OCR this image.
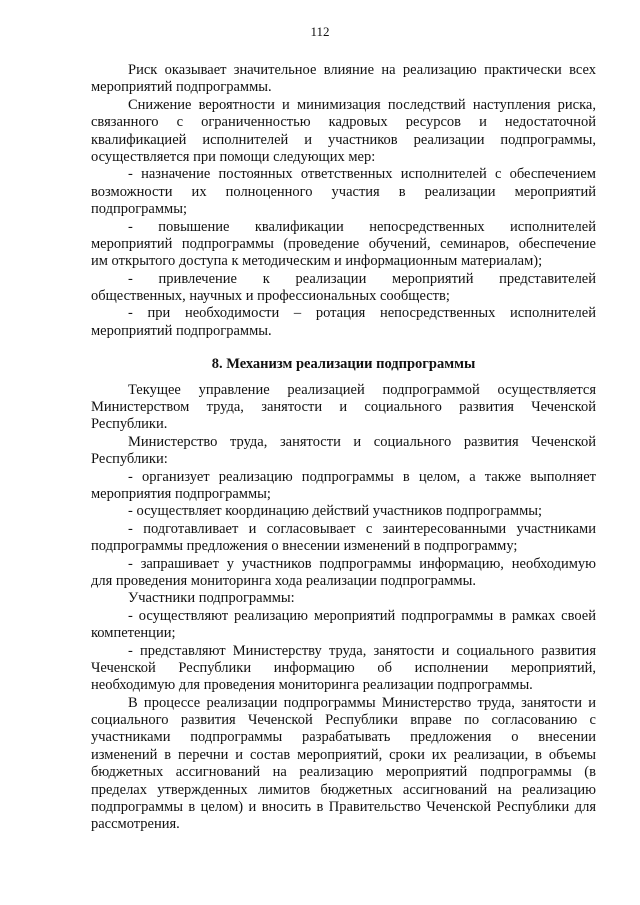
112
Риск оказывает значительное влияние на реализацию практически всех
мероприятий подпрограммы.
Снижение вероятности и минимизация последствий наступления риска,
связанного с ограниченностью кадровых ресурсов и недостаточной
квалификацией исполнителей и участников реализации подпрограммы,
осуществляется при помощи следующих мер:
- назначение постоянных ответственных исполнителей с обеспечением
возможности их полноценного участия в реализации мероприятий
подпрограммы;
- повышение квалификации непосредственных исполнителей
мероприятий подпрограммы (проведение обучений, семинаров, обеспечение
им открытого доступа к методическим и информационным материалам);
- привлечение к реализации мероприятий представителей
общественных, научных и профессиональных сообществ;
- при необходимости – ротация непосредственных исполнителей
мероприятий подпрограммы.
8. Механизм реализации подпрограммы
Текущее управление реализацией подпрограммой осуществляется
Министерством труда, занятости и социального развития Чеченской
Республики.
Министерство труда, занятости и социального развития Чеченской
Республики:
- организует реализацию подпрограммы в целом, а также выполняет
мероприятия подпрограммы;
- осуществляет координацию действий участников подпрограммы;
- подготавливает и согласовывает с заинтересованными участниками
подпрограммы предложения о внесении изменений в подпрограмму;
- запрашивает у участников подпрограммы информацию, необходимую
для проведения мониторинга хода реализации подпрограммы.
Участники подпрограммы:
- осуществляют реализацию мероприятий подпрограммы в рамках своей
компетенции;
- представляют Министерству труда, занятости и социального развития
Чеченской Республики информацию об исполнении мероприятий,
необходимую для проведения мониторинга реализации подпрограммы.
В процессе реализации подпрограммы Министерство труда, занятости и
социального развития Чеченской Республики вправе по согласованию с
участниками подпрограммы разрабатывать предложения о внесении
изменений в перечни и состав мероприятий, сроки их реализации, в объемы
бюджетных ассигнований на реализацию мероприятий подпрограммы (в
пределах утвержденных лимитов бюджетных ассигнований на реализацию
подпрограммы в целом) и вносить в Правительство Чеченской Республики для
рассмотрения.
